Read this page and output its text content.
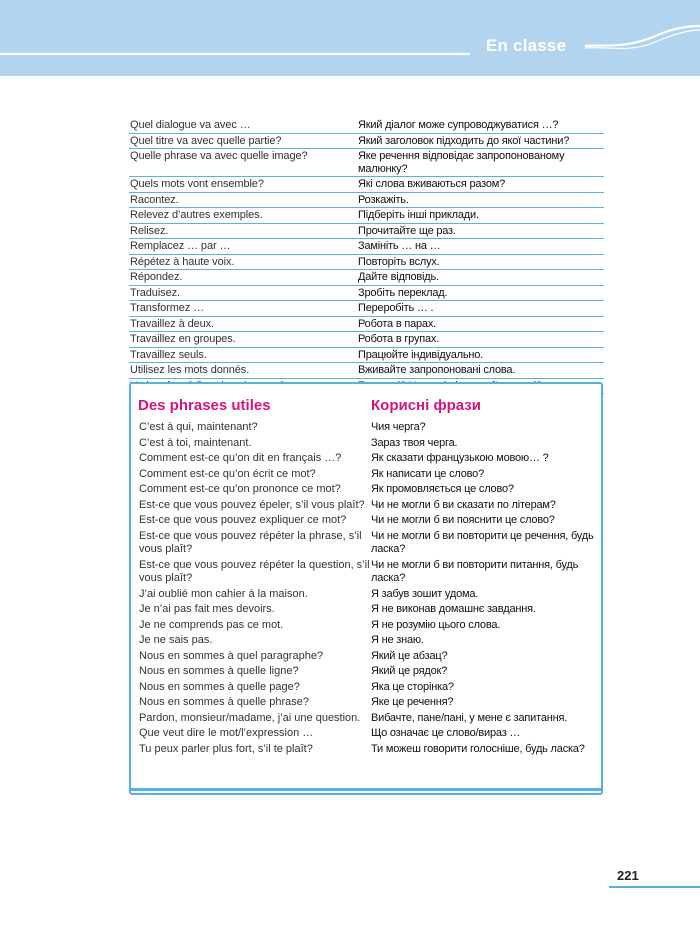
En classe
Quel dialogue va avec …	Який діалог може супроводжуватися …?
Quel titre va avec quelle partie?	Який заголовок підходить до якої частини?
Quelle phrase va avec quelle image?	Яке речення відповідає запропонованому малюнку?
Quels mots vont ensemble?	Які слова вживаються разом?
Racontez.	Розкажіть.
Relevez d’autres exemples.	Підберіть інші приклади.
Relisez.	Прочитайте ще раз.
Remplacez … par …	Замініть … на …
Répétez à haute voix.	Повторіть вслух.
Répondez.	Дайте відповідь.
Traduisez.	Зробіть переклад.
Transformez …	Переробіть … .
Travaillez à deux.	Робота в парах.
Travaillez en groupes.	Робота в групах.
Travaillez seuls.	Працюйте індивідуально.
Utilisez les mots donnés.	Вживайте запропоновані слова.

Des phrases utiles	Корисні фрази
C’est à qui, maintenant?	Чия черга?
C’est à toi, maintenant.	Зараз твоя черга.
Comment est-ce qu’on dit en français …?	Як сказати французькою мовою… ?
Comment est-ce qu’on écrit ce mot?	Як написати це слово?
Comment est-ce qu’on prononce ce mot?	Як промовляється це слово?
Est-ce que vous pouvez épeler, s’il vous plaît?	Чи не могли б ви сказати по літерам?
Est-ce que vous pouvez expliquer ce mot?	Чи не могли б ви пояснити це слово?
Est-ce que vous pouvez répéter la phrase, s’il vous plaît?	Чи не могли б ви повторити це речення, будь ласка?
Est-ce que vous pouvez répéter la question, s’il vous plaît?	Чи не могли б ви повторити питання, будь ласка?
J’ai oublié mon cahier à la maison.	Я забув зошит удома.
Je n’ai pas fait mes devoirs.	Я не виконав домашнє завдання.
Je ne comprends pas ce mot.	Я не розумію цього слова.
Je ne sais pas.	Я не знаю.
Nous en sommes à quel paragraphe?	Який це абзац?
Nous en sommes à quelle ligne?	Який це рядок?
Nous en sommes à quelle page?	Яка це сторінка?
Nous en sommes à quelle phrase?	Яке це речення?
Pardon, monsieur/madame, j’ai une question.	Вибачте, пане/пані, у мене є запитання.
Que veut dire le mot/l’expression …	Що означає це слово/вираз …
Tu peux parler plus fort, s’il te plaît?	Ти можеш говорити голосніше, будь ласка?
221
